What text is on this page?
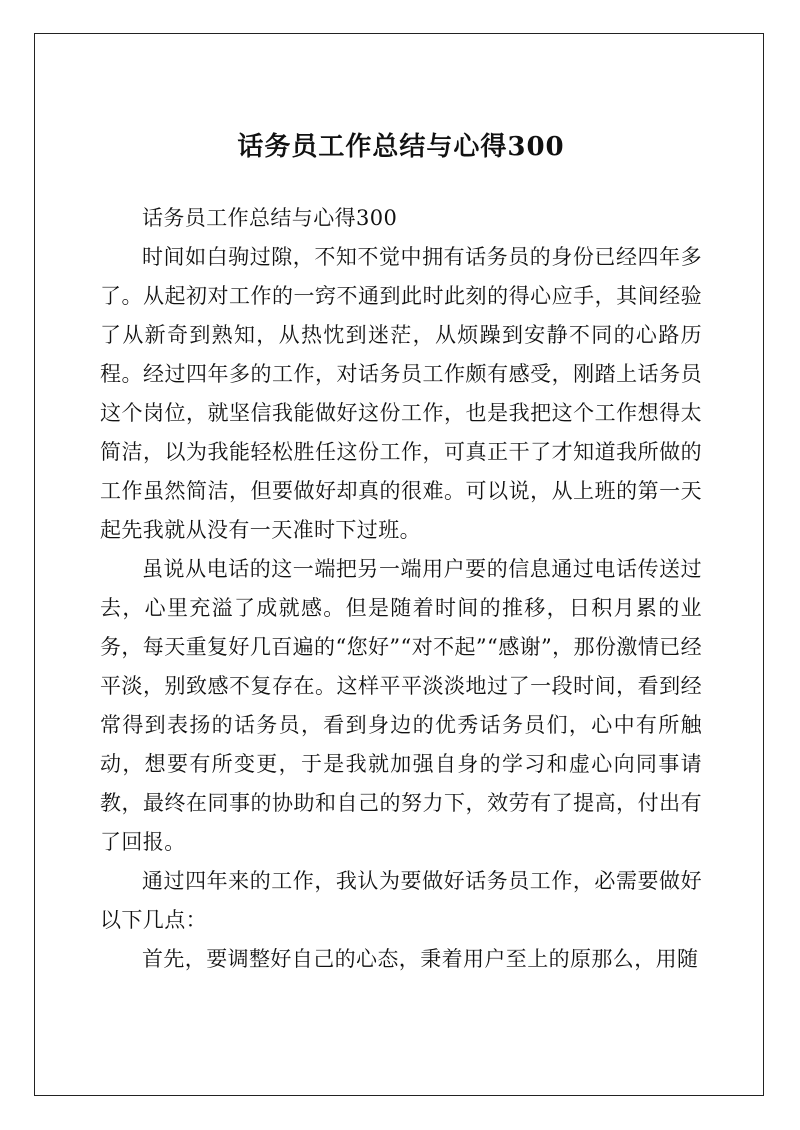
话务员工作总结与心得300

话务员工作总结与心得300

时间如白驹过隙，不知不觉中拥有话务员的身份已经四年多了。从起初对工作的一窍不通到此时此刻的得心应手，其间经验了从新奇到熟知，从热忱到迷茫，从烦躁到安静不同的心路历程。经过四年多的工作，对话务员工作颇有感受，刚踏上话务员这个岗位，就坚信我能做好这份工作，也是我把这个工作想得太简洁，以为我能轻松胜任这份工作，可真正干了才知道我所做的工作虽然简洁，但要做好却真的很难。可以说，从上班的第一天起先我就从没有一天准时下过班。

虽说从电话的这一端把另一端用户要的信息通过电话传送过去，心里充溢了成就感。但是随着时间的推移，日积月累的业务，每天重复好几百遍的“您好”“对不起”“感谢”，那份激情已经平淡，别致感不复存在。这样平平淡淡地过了一段时间，看到经常得到表扬的话务员，看到身边的优秀话务员们，心中有所触动，想要有所变更，于是我就加强自身的学习和虚心向同事请教，最终在同事的协助和自己的努力下，效劳有了提高，付出有了回报。

通过四年来的工作，我认为要做好话务员工作，必需要做好以下几点：

首先，要调整好自己的心态，秉着用户至上的原那么，用随
